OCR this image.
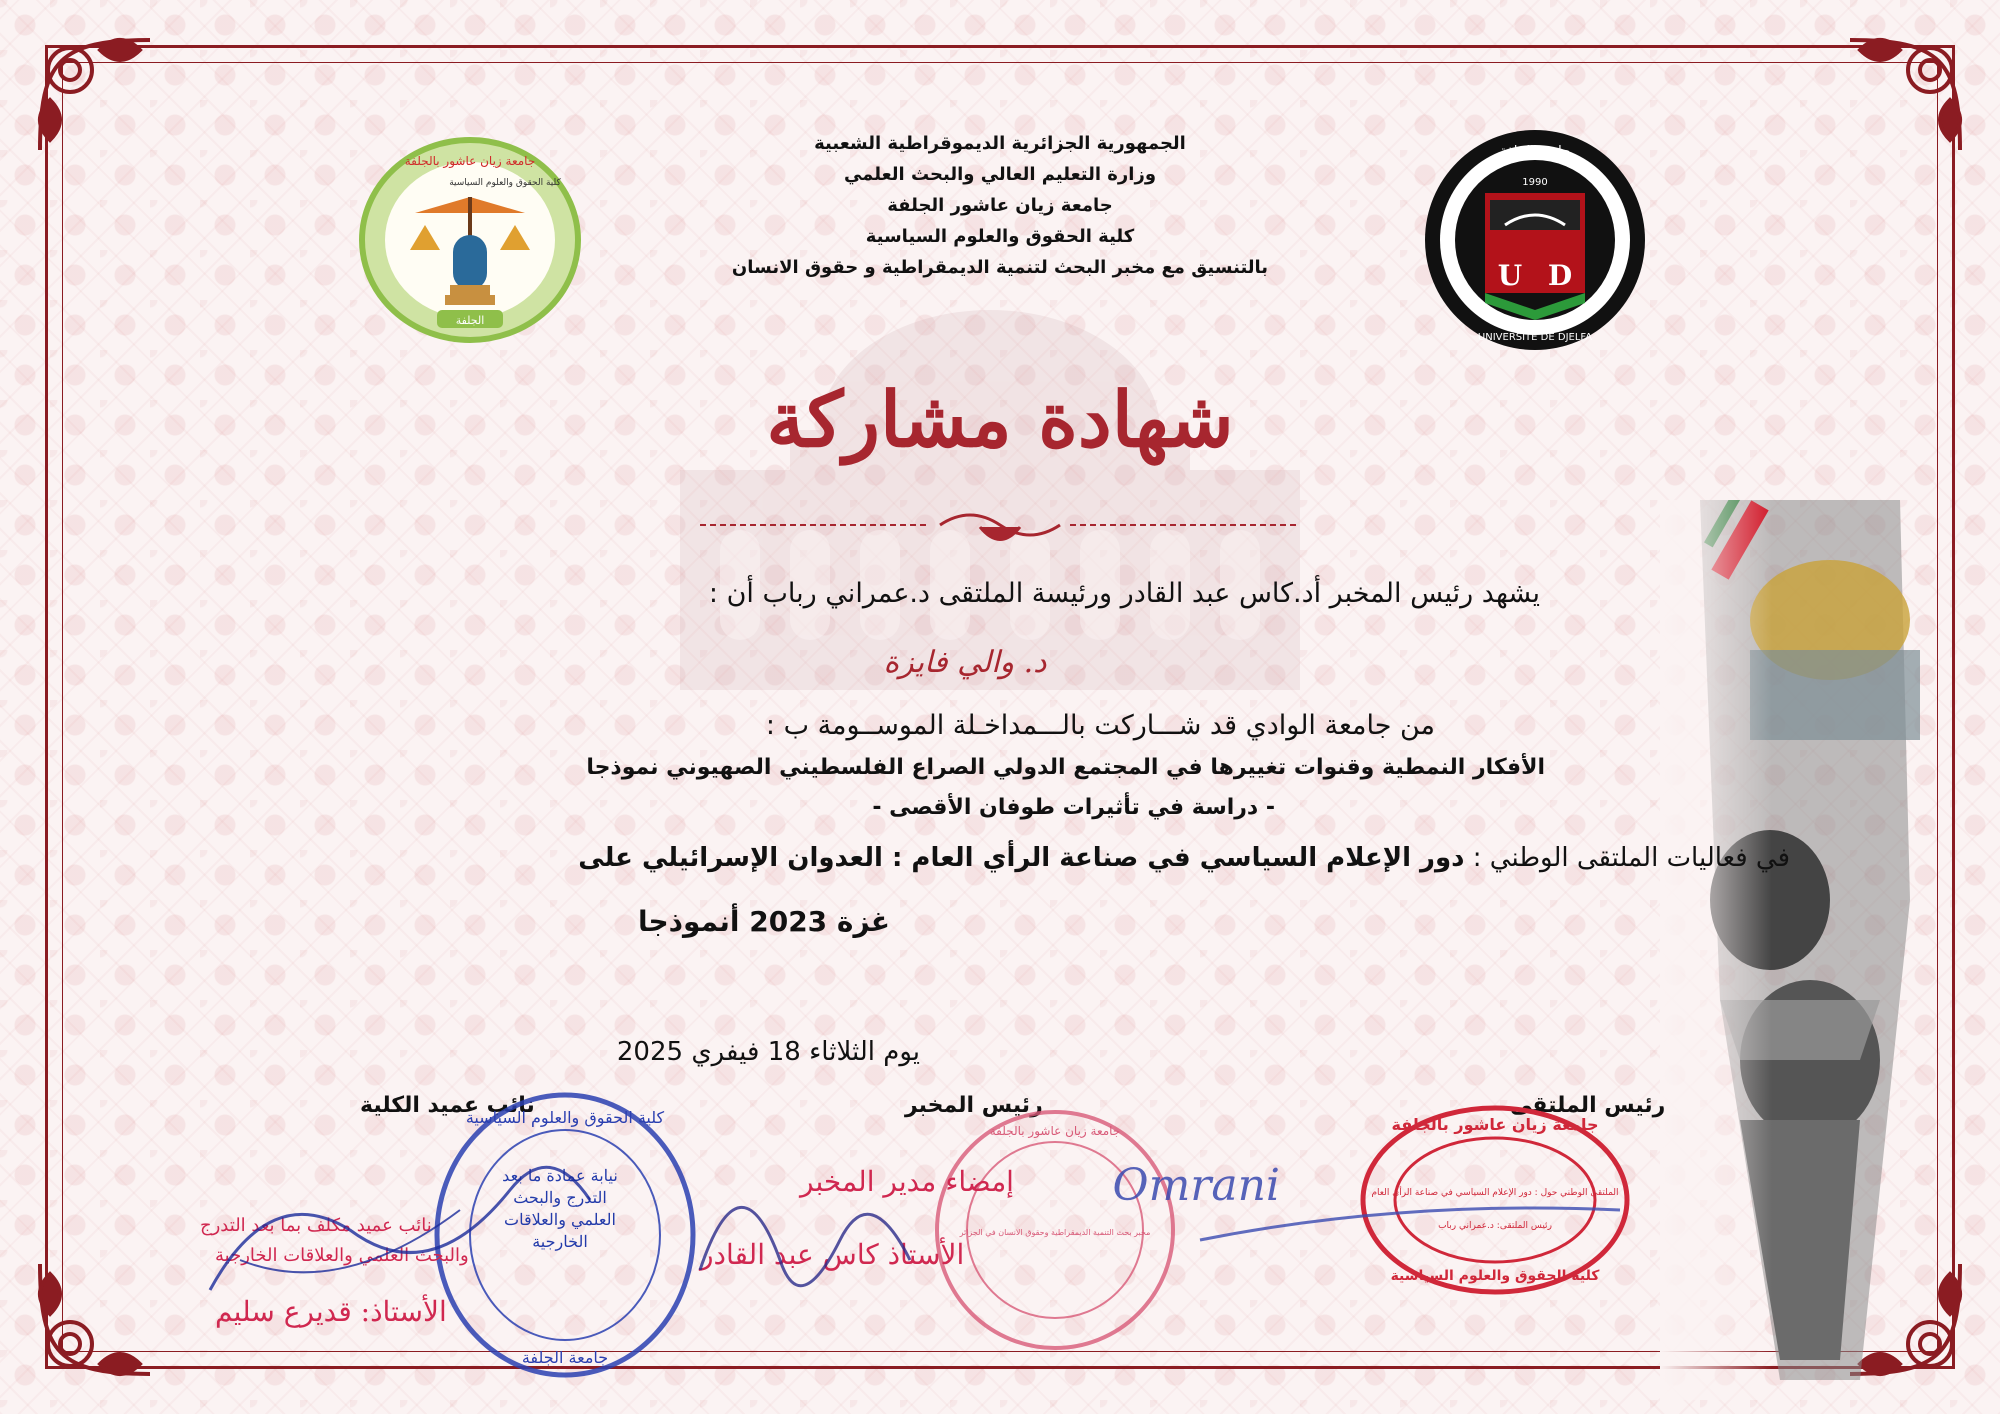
جامعة زيان عاشور بالجلفة
كلية الحقوق والعلوم السياسية
الجلفة
جامعة الجلفة
1990
U D
UNIVERSITÉ DE DJELFA
الجمهورية الجزائرية الديموقراطية الشعبية
وزارة التعليم العالي والبحث العلمي
جامعة زيان عاشور الجلفة
كلية الحقوق والعلوم السياسية
بالتنسيق مع مخبر البحث لتنمية الديمقراطية و حقوق الانسان
شهادة مشاركة
يشهد رئيس المخبر أد.كاس عبد القادر ورئيسة الملتقى د.عمراني رباب أن :
د. والي فايزة
من جامعة الوادي قد شـــاركت بالـــمداخـلة الموســومة ب :
الأفكار النمطية وقنوات تغييرها في المجتمع الدولي الصراع الفلسطيني الصهيوني نموذجا
- دراسة في تأثيرات طوفان الأقصى -
في فعاليات الملتقى الوطني : دور الإعلام السياسي في صناعة الرأي العام : العدوان الإسرائيلي على
غزة 2023 أنموذجا
يوم الثلاثاء 18 فيفري 2025
رئيس الملتقى
رئيس المخبر
نائب عميد الكلية
جامعة زيان عاشور بالجلفة
الملتقى الوطني حول : دور الإعلام السياسي في صناعة الرأي العام
رئيس الملتقى: د.عمراني رباب
كلية الحقوق والعلوم السياسية
جامعة زيان عاشور بالجلفة
مخبر بحث التنمية الديمقراطية وحقوق الانسان في الجزائر
كلية الحقوق والعلوم السياسية
جامعة الجلفة
نيابة عمادة ما بعد التدرج والبحث العلمي والعلاقات الخارجية
إمضاء مدير المخبر
الأستاذ كاس عبد القادر
نائب عميد مكلف بما بعد التدرج
والبحث العلمي والعلاقات الخارجية
الأستاذ: قديرع سليم
Omrani
